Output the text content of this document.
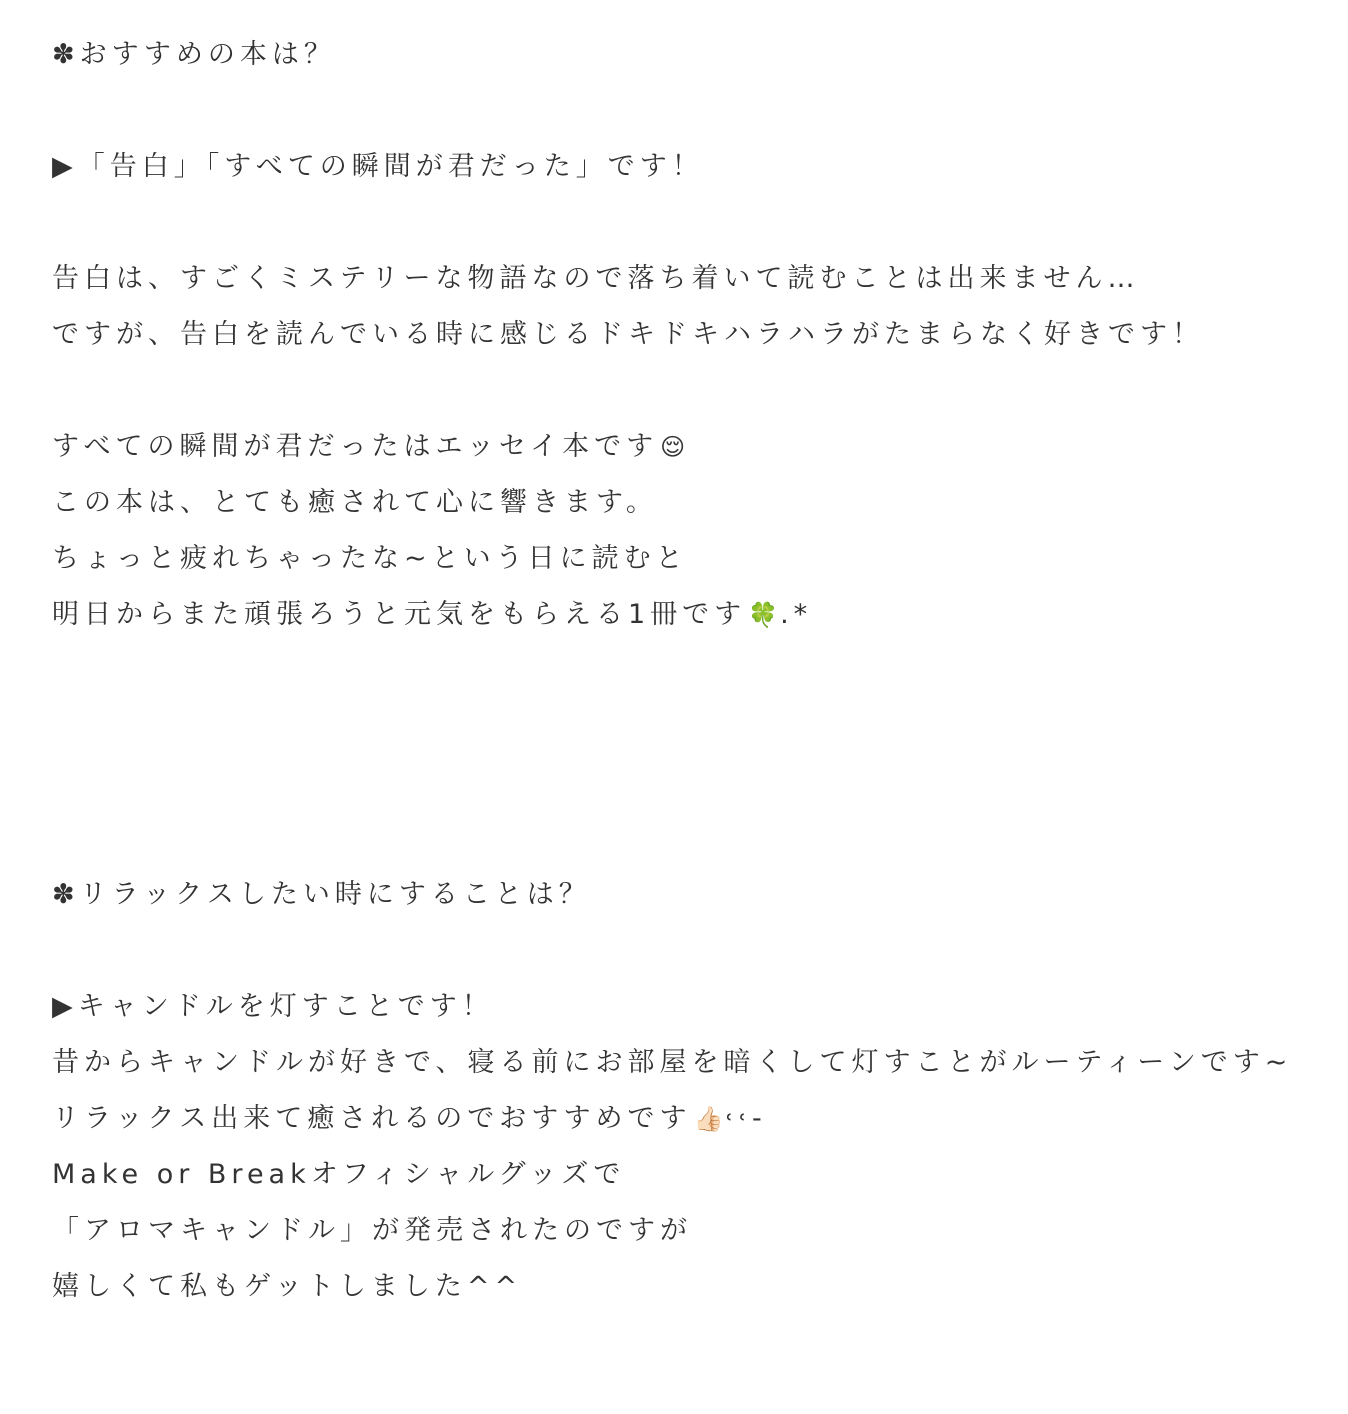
✽おすすめの本は？
▶「告白」「すべての瞬間が君だった」です！
告白は、すごくミステリーな物語なので落ち着いて読むことは出来ません…
ですが、告白を読んでいる時に感じるドキドキハラハラがたまらなく好きです！
すべての瞬間が君だったはエッセイ本です😌
この本は、とても癒されて心に響きます。
ちょっと疲れちゃったな~という日に読むと
明日からまた頑張ろうと元気をもらえる1冊です🍀.*
✽リラックスしたい時にすることは？
▶キャンドルを灯すことです！
昔からキャンドルが好きで、寝る前にお部屋を暗くして灯すことがルーティーンです~
リラックス出来て癒されるのでおすすめです👍🏻˓˓-
Make or Breakオフィシャルグッズで
「アロマキャンドル」が発売されたのですが
嬉しくて私もゲットしました^^
